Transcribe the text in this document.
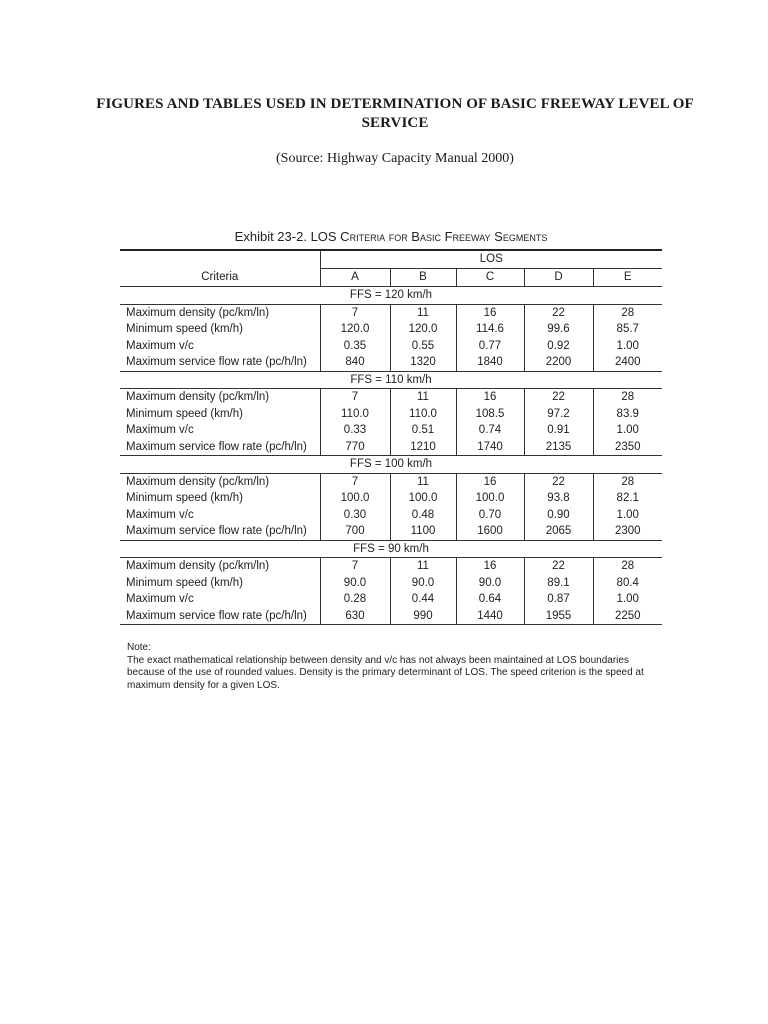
FIGURES AND TABLES USED IN DETERMINATION OF BASIC FREEWAY LEVEL OF SERVICE
(Source: Highway Capacity Manual 2000)
Exhibit 23-2. LOS Criteria for Basic Freeway Segments
	LOS				
Criteria	A	B	C	D	E
FFS = 120 km/h					
Maximum density (pc/km/ln)	7	11	16	22	28
Minimum speed (km/h)	120.0	120.0	114.6	99.6	85.7
Maximum v/c	0.35	0.55	0.77	0.92	1.00
Maximum service flow rate (pc/h/ln)	840	1320	1840	2200	2400
FFS = 110 km/h					
Maximum density (pc/km/ln)	7	11	16	22	28
Minimum speed (km/h)	110.0	110.0	108.5	97.2	83.9
Maximum v/c	0.33	0.51	0.74	0.91	1.00
Maximum service flow rate (pc/h/ln)	770	1210	1740	2135	2350
FFS = 100 km/h					
Maximum density (pc/km/ln)	7	11	16	22	28
Minimum speed (km/h)	100.0	100.0	100.0	93.8	82.1
Maximum v/c	0.30	0.48	0.70	0.90	1.00
Maximum service flow rate (pc/h/ln)	700	1100	1600	2065	2300
FFS = 90 km/h					
Maximum density (pc/km/ln)	7	11	16	22	28
Minimum speed (km/h)	90.0	90.0	90.0	89.1	80.4
Maximum v/c	0.28	0.44	0.64	0.87	1.00
Maximum service flow rate (pc/h/ln)	630	990	1440	1955	2250
Note:
The exact mathematical relationship between density and v/c has not always been maintained at LOS boundaries because of the use of rounded values. Density is the primary determinant of LOS. The speed criterion is the speed at maximum density for a given LOS.
